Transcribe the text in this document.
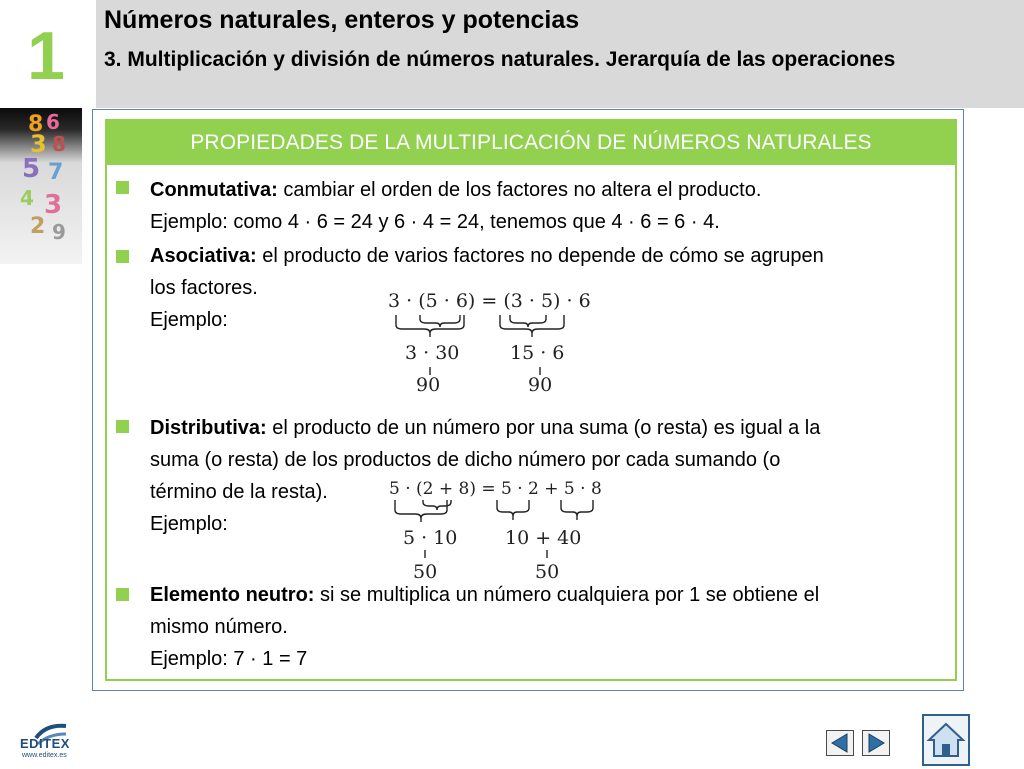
1	Números naturales, enteros y potencias
3. Multiplicación y división de números naturales. Jerarquía de las operaciones
8 6
3 8
5 7
4 3
2 9
PROPIEDADES DE LA MULTIPLICACIÓN DE NÚMEROS NATURALES
Conmutativa: cambiar el orden de los factores no altera el producto.
Ejemplo: como 4 · 6 = 24 y 6 · 4 = 24, tenemos que 4 · 6 = 6 · 4.
Asociativa: el producto de varios factores no depende de cómo se agrupen
los factores.
Ejemplo:
3 · (5 · 6) = (3 · 5) · 6
3 · 30	15 · 6
90	90
Distributiva: el producto de un número por una suma (o resta) es igual a la
suma (o resta) de los productos de dicho número por cada sumando (o
término de la resta).
Ejemplo:
5 · (2 + 8) = 5 · 2 + 5 · 8
5 · 10	10 + 40
50	50
Elemento neutro: si se multiplica un número cualquiera por 1 se obtiene el
mismo número.
Ejemplo: 7 · 1 = 7
EDITEX
www.editex.es
